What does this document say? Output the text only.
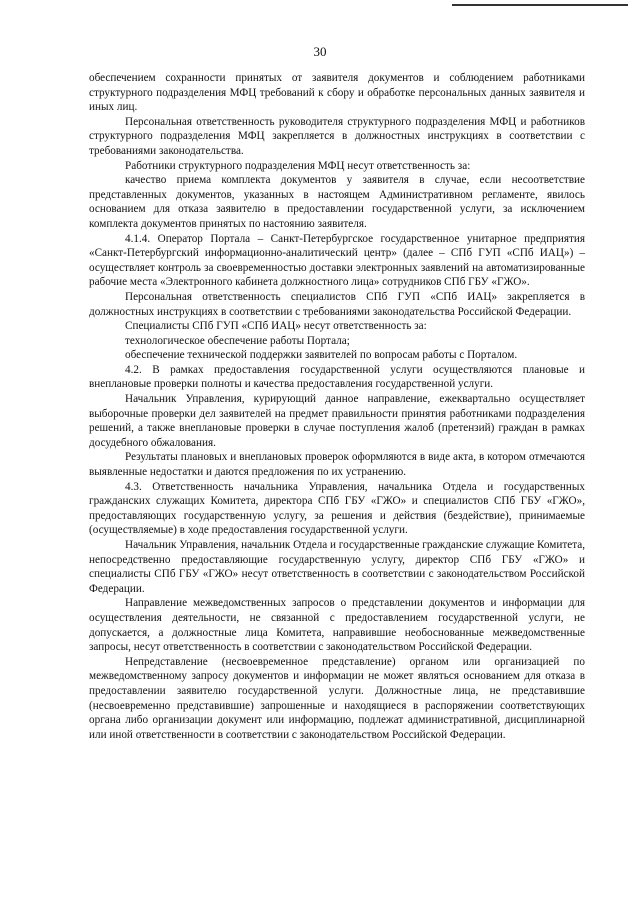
30

обеспечением сохранности принятых от заявителя документов и соблюдением работниками структурного подразделения МФЦ требований к сбору и обработке персональных данных заявителя и иных лиц.

Персональная ответственность руководителя структурного подразделения МФЦ и работников структурного подразделения МФЦ закрепляется в должностных инструкциях в соответствии с требованиями законодательства.

Работники структурного подразделения МФЦ несут ответственность за:

качество приема комплекта документов у заявителя в случае, если несоответствие представленных документов, указанных в настоящем Административном регламенте, явилось основанием для отказа заявителю в предоставлении государственной услуги, за исключением комплекта документов принятых по настоянию заявителя.

4.1.4. Оператор Портала – Санкт-Петербургское государственное унитарное предприятия «Санкт-Петербургский информационно-аналитический центр» (далее – СПб ГУП «СПб ИАЦ») – осуществляет контроль за своевременностью доставки электронных заявлений на автоматизированные рабочие места «Электронного кабинета должностного лица» сотрудников СПб ГБУ «ГЖО».

Персональная ответственность специалистов СПб ГУП «СПб ИАЦ» закрепляется в должностных инструкциях в соответствии с требованиями законодательства Российской Федерации.

Специалисты СПб ГУП «СПб ИАЦ» несут ответственность за:

технологическое обеспечение работы Портала;

обеспечение технической поддержки заявителей по вопросам работы с Порталом.

4.2. В рамках предоставления государственной услуги осуществляются плановые и внеплановые проверки полноты и качества предоставления государственной услуги.

Начальник Управления, курирующий данное направление, ежеквартально осуществляет выборочные проверки дел заявителей на предмет правильности принятия работниками подразделения решений, а также внеплановые проверки в случае поступления жалоб (претензий) граждан в рамках досудебного обжалования.

Результаты плановых и внеплановых проверок оформляются в виде акта, в котором отмечаются выявленные недостатки и даются предложения по их устранению.

4.3. Ответственность начальника Управления, начальника Отдела и государственных гражданских служащих Комитета, директора СПб ГБУ «ГЖО» и специалистов СПб ГБУ «ГЖО», предоставляющих государственную услугу, за решения и действия (бездействие), принимаемые (осуществляемые) в ходе предоставления государственной услуги.

Начальник Управления, начальник Отдела и государственные гражданские служащие Комитета, непосредственно предоставляющие государственную услугу, директор СПб ГБУ «ГЖО» и специалисты СПб ГБУ «ГЖО» несут ответственность в соответствии с законодательством Российской Федерации.

Направление межведомственных запросов о представлении документов и информации для осуществления деятельности, не связанной с предоставлением государственной услуги, не допускается, а должностные лица Комитета, направившие необоснованные межведомственные запросы, несут ответственность в соответствии с законодательством Российской Федерации.

Непредставление (несвоевременное представление) органом или организацией по межведомственному запросу документов и информации не может являться основанием для отказа в предоставлении заявителю государственной услуги. Должностные лица, не представившие (несвоевременно представившие) запрошенные и находящиеся в распоряжении соответствующих органа либо организации документ или информацию, подлежат административной, дисциплинарной или иной ответственности в соответствии с законодательством Российской Федерации.
